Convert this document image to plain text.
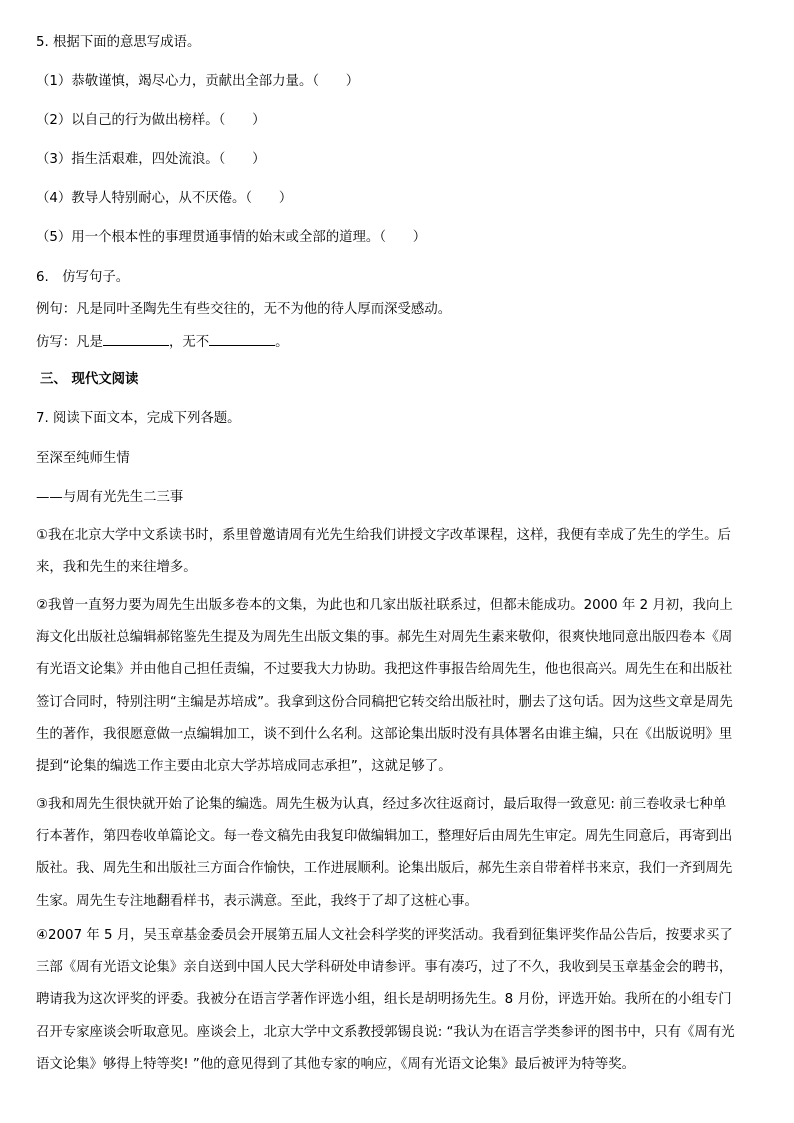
5. 根据下面的意思写成语。
（1）恭敬谨慎，竭尽心力，贡献出全部力量。（　　）
（2）以自己的行为做出榜样。（　　）
（3）指生活艰难，四处流浪。（　　）
（4）教导人特别耐心，从不厌倦。（　　）
（5）用一个根本性的事理贯通事情的始末或全部的道理。（　　）
6.　仿写句子。
例句：凡是同叶圣陶先生有些交往的，无不为他的待人厚而深受感动。
仿写：凡是	，无不	。
三、 现代文阅读
7. 阅读下面文本，完成下列各题。
至深至纯师生情
——与周有光先生二三事
①我在北京大学中文系读书时，系里曾邀请周有光先生给我们讲授文字改革课程，这样，我便有幸成了先生的学生。后
来，我和先生的来往增多。
②我曾一直努力要为周先生出版多卷本的文集，为此也和几家出版社联系过，但都未能成功。2000 年 2 月初，我向上
海文化出版社总编辑郝铭鉴先生提及为周先生出版文集的事。郝先生对周先生素来敬仰，很爽快地同意出版四卷本《周
有光语文论集》并由他自己担任责编，不过要我大力协助。我把这件事报告给周先生，他也很高兴。周先生在和出版社
签订合同时，特别注明“主编是苏培成”。我拿到这份合同稿把它转交给出版社时，删去了这句话。因为这些文章是周先
生的著作，我很愿意做一点编辑加工，谈不到什么名利。这部论集出版时没有具体署名由谁主编，只在《出版说明》里
提到“论集的编选工作主要由北京大学苏培成同志承担”，这就足够了。
③我和周先生很快就开始了论集的编选。周先生极为认真，经过多次往返商讨，最后取得一致意见: 前三卷收录七种单
行本著作，第四卷收单篇论文。每一卷文稿先由我复印做编辑加工，整理好后由周先生审定。周先生同意后，再寄到出
版社。我、周先生和出版社三方面合作愉快，工作进展顺利。论集出版后，郝先生亲自带着样书来京，我们一齐到周先
生家。周先生专注地翻看样书，表示满意。至此，我终于了却了这桩心事。
④2007 年 5 月，吴玉章基金委员会开展第五届人文社会科学奖的评奖活动。我看到征集评奖作品公告后，按要求买了
三部《周有光语文论集》亲自送到中国人民大学科研处申请参评。事有凑巧，过了不久，我收到吴玉章基金会的聘书，
聘请我为这次评奖的评委。我被分在语言学著作评选小组，组长是胡明扬先生。8 月份，评选开始。我所在的小组专门
召开专家座谈会听取意见。座谈会上，北京大学中文系教授郭锡良说: “我认为在语言学类参评的图书中，只有《周有光
语文论集》够得上特等奖! ”他的意见得到了其他专家的响应，《周有光语文论集》最后被评为特等奖。
